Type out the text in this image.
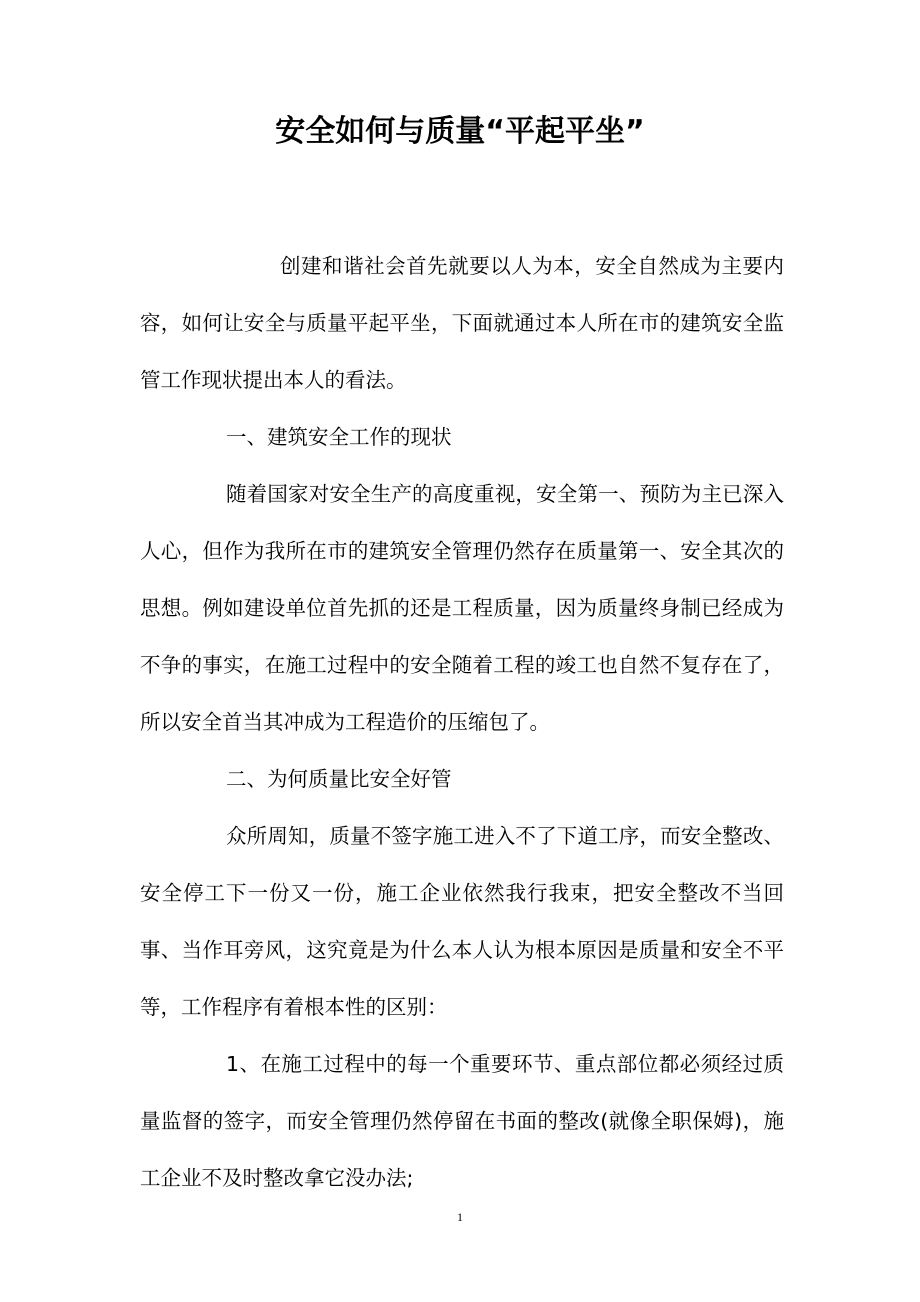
安全如何与质量“平起平坐”

创建和谐社会首先就要以人为本，安全自然成为主要内容，如何让安全与质量平起平坐，下面就通过本人所在市的建筑安全监管工作现状提出本人的看法。

一、建筑安全工作的现状

随着国家对安全生产的高度重视，安全第一、预防为主已深入人心，但作为我所在市的建筑安全管理仍然存在质量第一、安全其次的思想。例如建设单位首先抓的还是工程质量，因为质量终身制已经成为不争的事实，在施工过程中的安全随着工程的竣工也自然不复存在了，所以安全首当其冲成为工程造价的压缩包了。

二、为何质量比安全好管

众所周知，质量不签字施工进入不了下道工序，而安全整改、安全停工下一份又一份，施工企业依然我行我束，把安全整改不当回事、当作耳旁风，这究竟是为什么本人认为根本原因是质量和安全不平等，工作程序有着根本性的区别：

1、在施工过程中的每一个重要环节、重点部位都必须经过质量监督的签字，而安全管理仍然停留在书面的整改(就像全职保姆)，施工企业不及时整改拿它没办法;

1
